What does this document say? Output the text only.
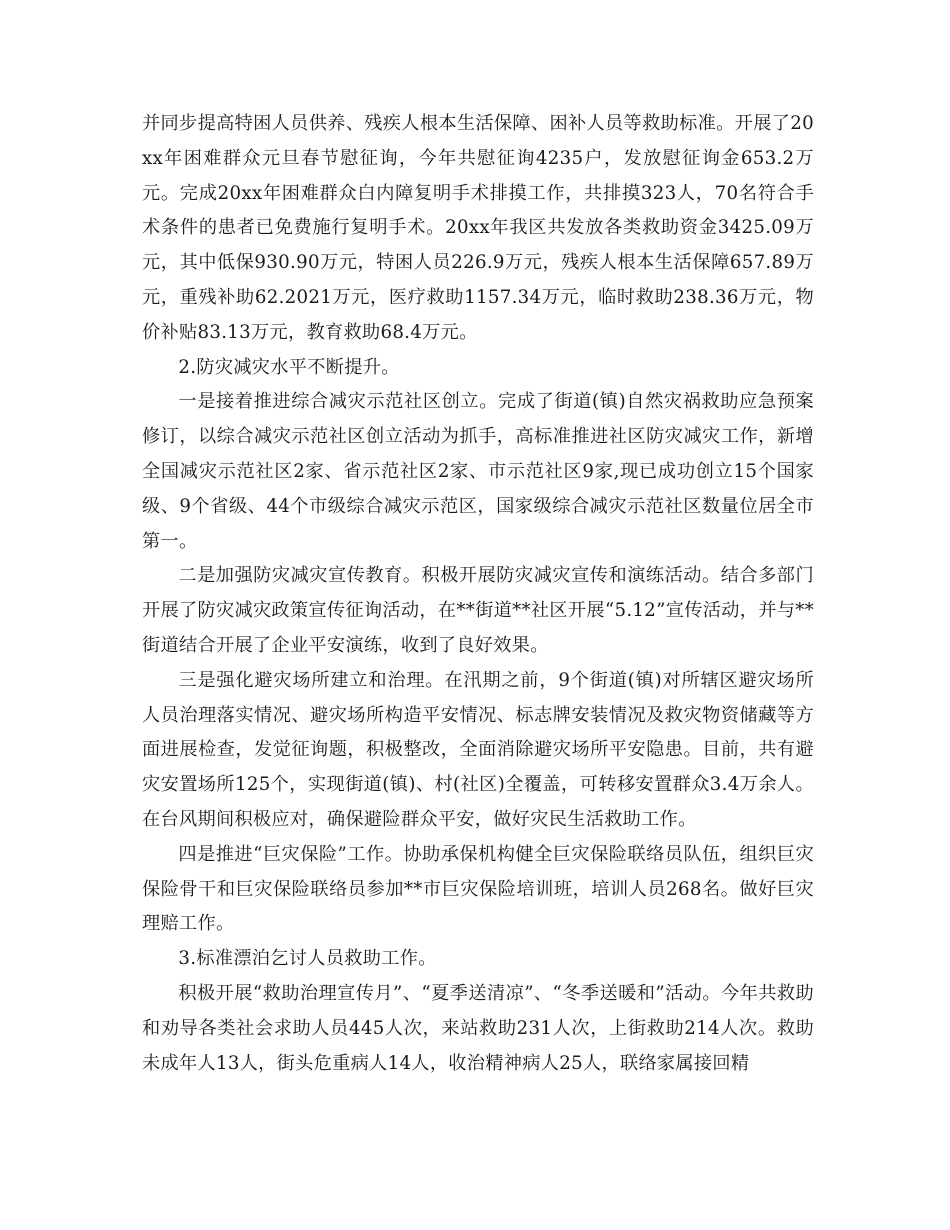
并同步提高特困人员供养、残疾人根本生活保障、困补人员等救助标准。开展了20xx年困难群众元旦春节慰征询，今年共慰征询4235户，发放慰征询金653.2万元。完成20xx年困难群众白内障复明手术排摸工作，共排摸323人，70名符合手术条件的患者已免费施行复明手术。20xx年我区共发放各类救助资金3425.09万元，其中低保930.90万元，特困人员226.9万元，残疾人根本生活保障657.89万元，重残补助62.2021万元，医疗救助1157.34万元，临时救助238.36万元，物价补贴83.13万元，教育救助68.4万元。

2.防灾减灾水平不断提升。

一是接着推进综合减灾示范社区创立。完成了街道(镇)自然灾祸救助应急预案修订，以综合减灾示范社区创立活动为抓手，高标准推进社区防灾减灾工作，新增全国减灾示范社区2家、省示范社区2家、市示范社区9家,现已成功创立15个国家级、9个省级、44个市级综合减灾示范区，国家级综合减灾示范社区数量位居全市第一。

二是加强防灾减灾宣传教育。积极开展防灾减灾宣传和演练活动。结合多部门开展了防灾减灾政策宣传征询活动，在**街道**社区开展“5.12”宣传活动，并与**街道结合开展了企业平安演练，收到了良好效果。

三是强化避灾场所建立和治理。在汛期之前，9个街道(镇)对所辖区避灾场所人员治理落实情况、避灾场所构造平安情况、标志牌安装情况及救灾物资储藏等方面进展检查，发觉征询题，积极整改，全面消除避灾场所平安隐患。目前，共有避灾安置场所125个，实现街道(镇)、村(社区)全覆盖，可转移安置群众3.4万余人。在台风期间积极应对，确保避险群众平安，做好灾民生活救助工作。

四是推进“巨灾保险”工作。协助承保机构健全巨灾保险联络员队伍，组织巨灾保险骨干和巨灾保险联络员参加**市巨灾保险培训班，培训人员268名。做好巨灾理赔工作。

3.标准漂泊乞讨人员救助工作。

积极开展“救助治理宣传月”、“夏季送清凉”、“冬季送暖和”活动。今年共救助和劝导各类社会求助人员445人次，来站救助231人次，上街救助214人次。救助未成年人13人，街头危重病人14人，收治精神病人25人，联络家属接回精
